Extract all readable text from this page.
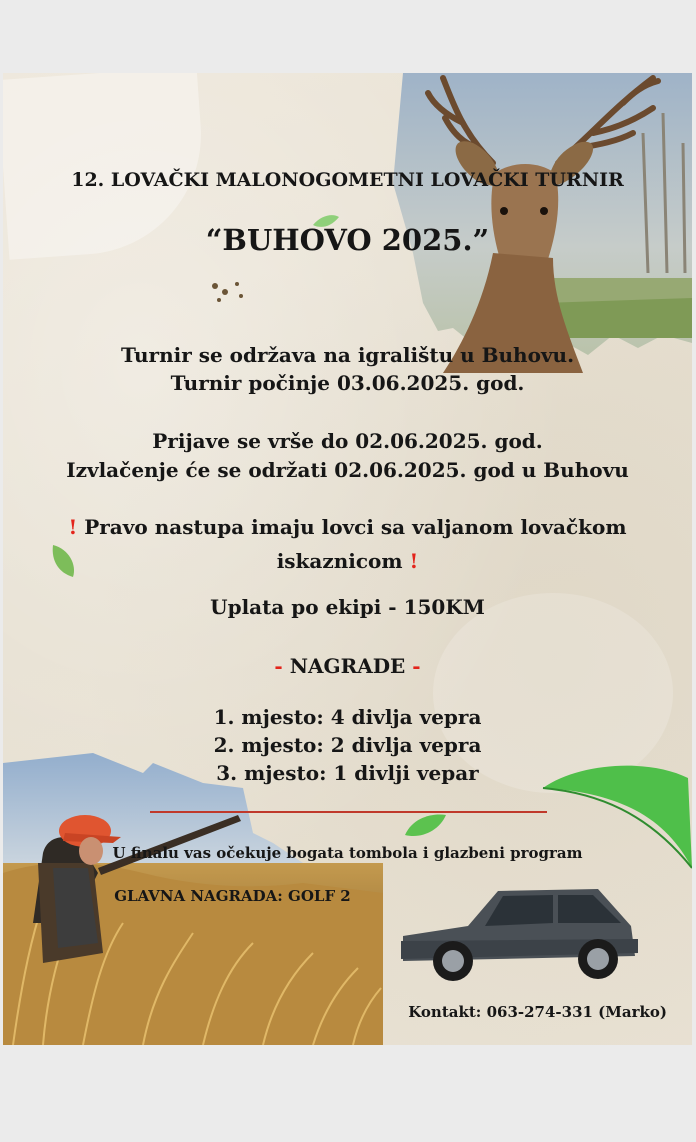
12. LOVAČKI MALONOGOMETNI LOVAČKI TURNIR
“BUHOVO 2025.”
Turnir se održava na igralištu u Buhovu.
Turnir počinje 03.06.2025. god.
Prijave se vrše do 02.06.2025. god.
Izvlačenje će se održati 02.06.2025. god u Buhovu
! Pravo nastupa imaju lovci sa valjanom lovačkom
iskaznicom !
Uplata po ekipi - 150KM
- NAGRADE -
1. mjesto: 4 divlja vepra
2. mjesto: 2 divlja vepra
3. mjesto: 1 divlji vepar
U finalu vas očekuje bogata tombola i glazbeni program
GLAVNA NAGRADA: GOLF 2
Kontakt: 063-274-331 (Marko)
